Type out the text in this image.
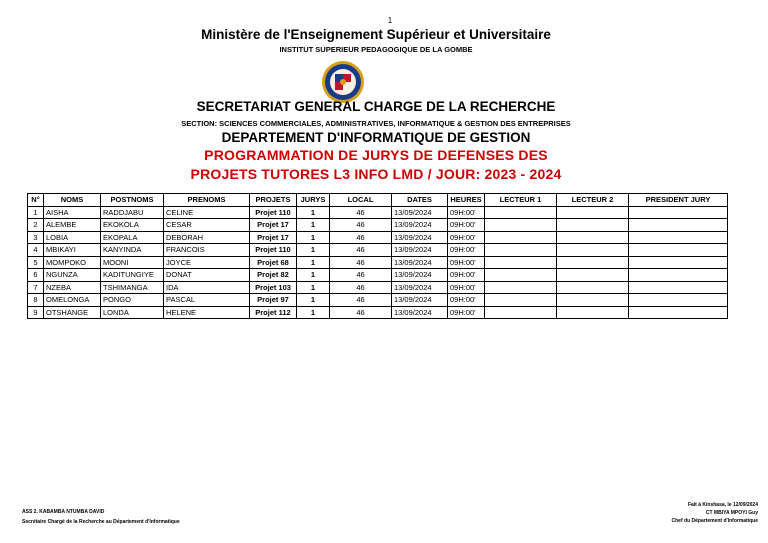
1
Ministère de l'Enseignement Supérieur et Universitaire
INSTITUT SUPERIEUR PEDAGOGIQUE DE LA GOMBE
SECRETARIAT GENERAL CHARGE DE LA RECHERCHE
SECTION: SCIENCES COMMERCIALES, ADMINISTRATIVES, INFORMATIQUE & GESTION DES ENTREPRISES
DEPARTEMENT D'INFORMATIQUE DE GESTION
PROGRAMMATION DE JURYS DE DEFENSES DES
PROJETS TUTORES L3 INFO LMD / JOUR: 2023 - 2024
N°	NOMS	POSTNOMS	PRENOMS	PROJETS	JURYS	LOCAL	DATES	HEURES	LECTEUR 1	LECTEUR 2	PRESIDENT JURY
1	AISHA	RADDJABU	CELINE	Projet 110	1	46	13/09/2024	09H:00'			
2	ALEMBE	EKOKOLA	CESAR	Projet 17	1	46	13/09/2024	09H:00'			
3	LOBIA	EKOPALA	DEBORAH	Projet 17	1	46	13/09/2024	09H:00'			
4	MBIKAYI	KANYINDA	FRANCOIS	Projet 110	1	46	13/09/2024	09H:00'			
5	MOMPOKO	MOONI	JOYCE	Projet 68	1	46	13/09/2024	09H:00'			
6	NGUNZA	KADITUNGIYE	DONAT	Projet 82	1	46	13/09/2024	09H:00'			
7	NZEBA	TSHIMANGA	IDA	Projet 103	1	46	13/09/2024	09H:00'			
8	OMELONGA	PONGO	PASCAL	Projet 97	1	46	13/09/2024	09H:00'			
9	OTSHANGE	LONDA	HELENE	Projet 112	1	46	13/09/2024	09H:00'			
ASS 2. KABAMBA NTUMBA DAVID
Secrétaire Chargé de la Recherche au Département d'Informatique
Fait à Kinshasa, le 12/09/2024
CT MBIYA MPOYI Guy
Chef du Département d'Informatique
